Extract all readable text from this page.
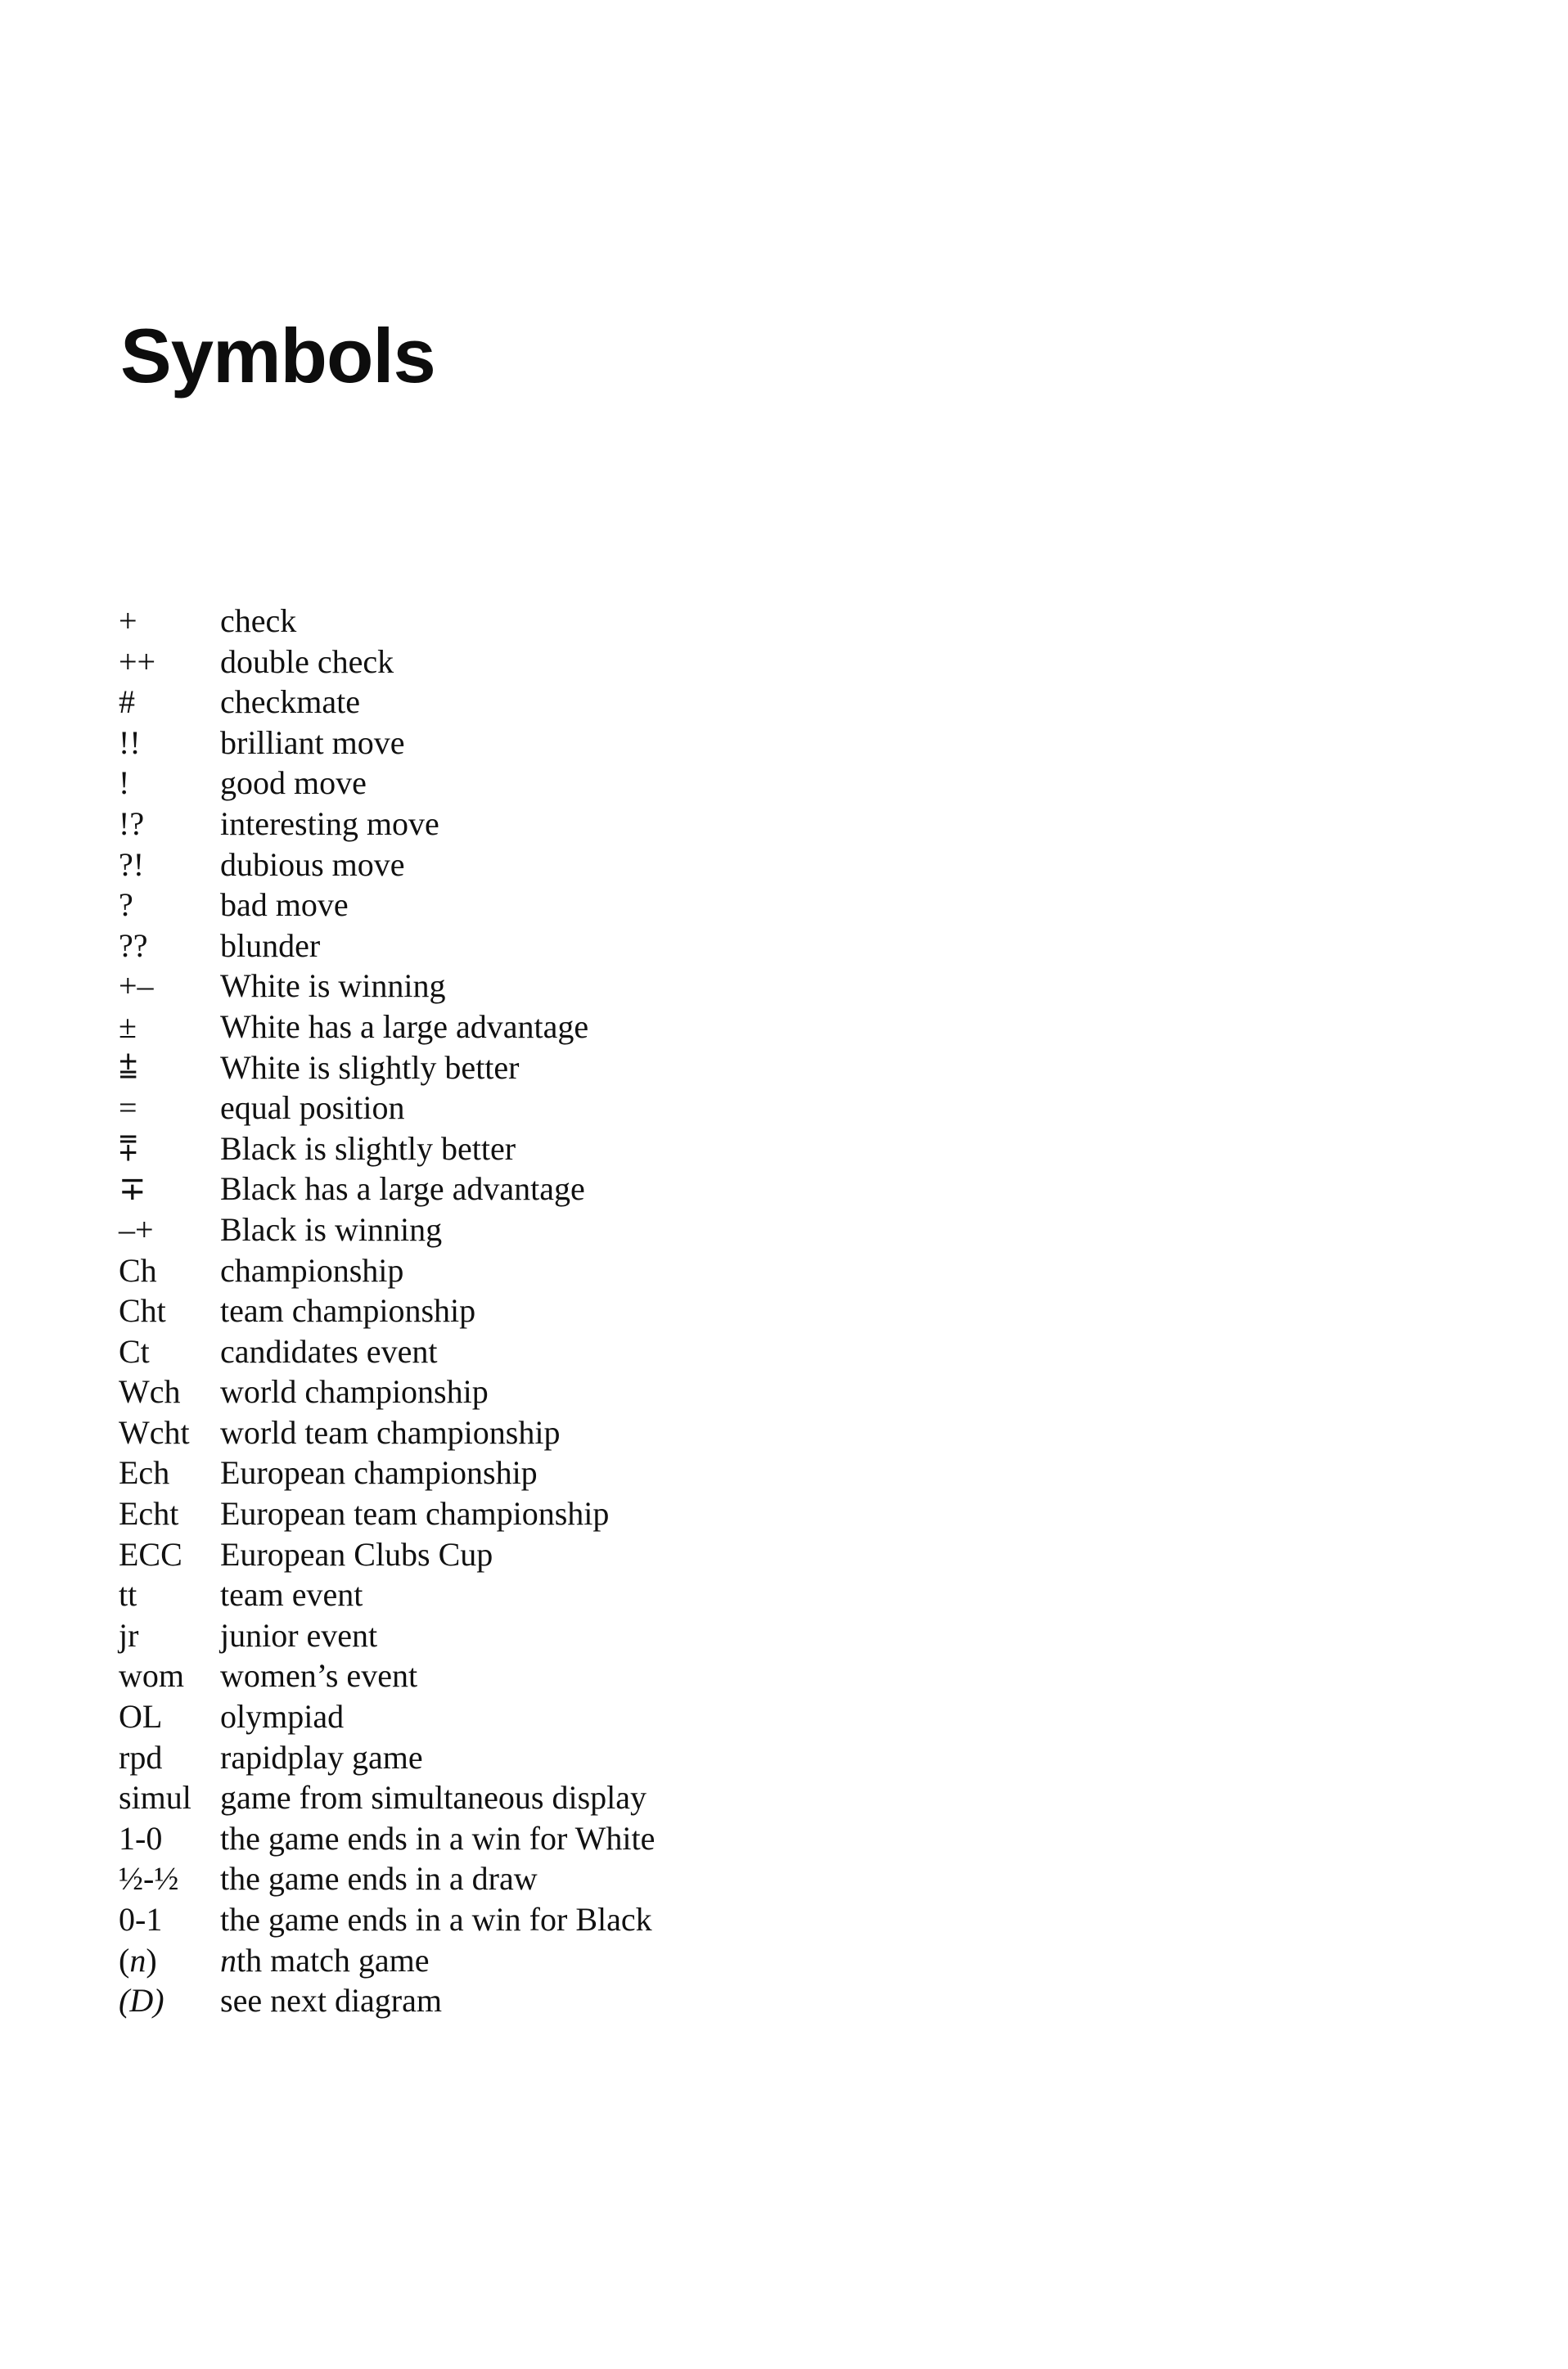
Symbols
+	check
++	double check
#	checkmate
!!	brilliant move
!	good move
!?	interesting move
?!	dubious move
?	bad move
??	blunder
+–	White is winning
±	White has a large advantage
⩲	White is slightly better
=	equal position
⩱	Black is slightly better
∓	Black has a large advantage
–+	Black is winning
Ch	championship
Cht	team championship
Ct	candidates event
Wch	world championship
Wcht world team championship
Ech	European championship
Echt	European team championship
ECC	European Clubs Cup
tt	team event
jr	junior event
wom	women’s event
OL	olympiad
rpd	rapidplay game
simul game from simultaneous display
1-0	the game ends in a win for White
½-½	the game ends in a draw
0-1	the game ends in a win for Black
(n)	nth match game
(D)	see next diagram
